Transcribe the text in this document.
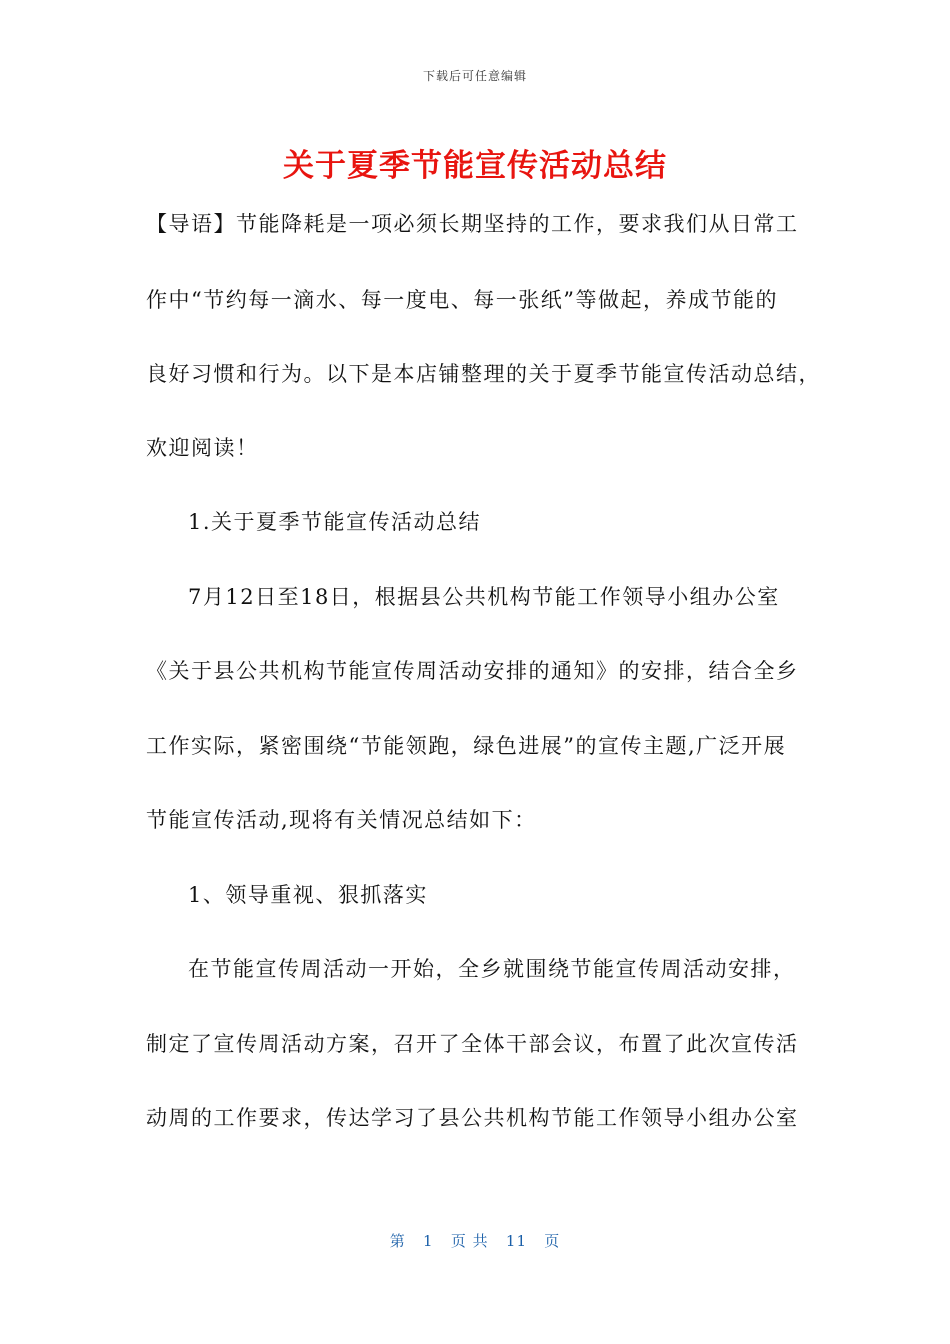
下载后可任意编辑
关于夏季节能宣传活动总结
【导语】节能降耗是一项必须长期坚持的工作，要求我们从日常工
作中“节约每一滴水、每一度电、每一张纸”等做起，养成节能的
良好习惯和行为。以下是本店铺整理的关于夏季节能宣传活动总结，
欢迎阅读！
1.关于夏季节能宣传活动总结
7月12日至18日，根据县公共机构节能工作领导小组办公室
《关于县公共机构节能宣传周活动安排的通知》的安排，结合全乡
工作实际，紧密围绕“节能领跑，绿色进展”的宣传主题,广泛开展
节能宣传活动,现将有关情况总结如下：
1、领导重视、狠抓落实
在节能宣传周活动一开始，全乡就围绕节能宣传周活动安排，
制定了宣传周活动方案，召开了全体干部会议，布置了此次宣传活
动周的工作要求，传达学习了县公共机构节能工作领导小组办公室
第   1   页 共   11   页
